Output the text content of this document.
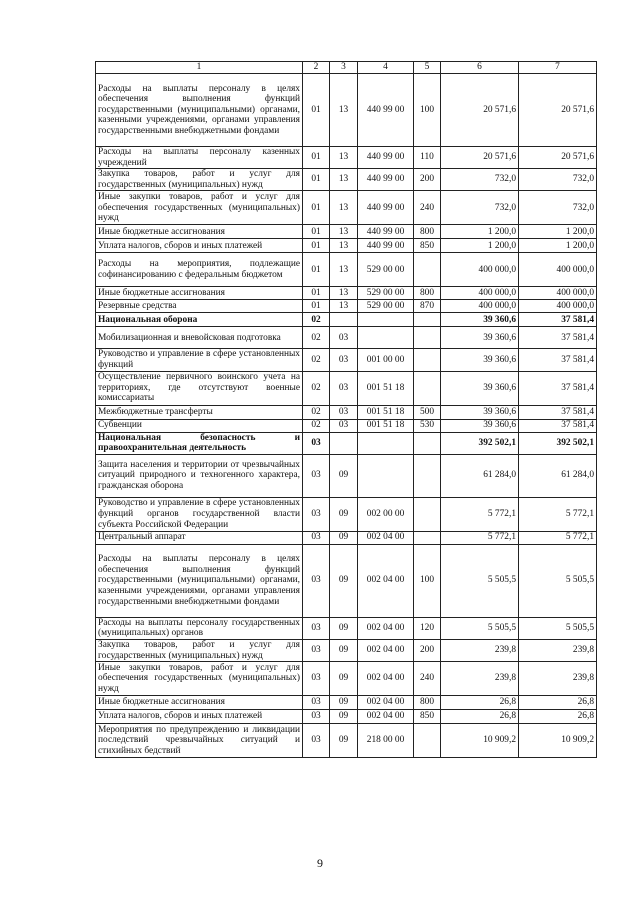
1	2	3	4	5	6	7
Расходы на выплаты персоналу в целях обеспечения выполнения функций государственными (муниципальными) органами, казенными учреждениями, органами управления государственными внебюджетными фондами	01	13	440 99 00	100	20 571,6	20 571,6
Расходы на выплаты персоналу казенных учреждений	01	13	440 99 00	110	20 571,6	20 571,6
Закупка товаров, работ и услуг для государственных (муниципальных) нужд	01	13	440 99 00	200	732,0	732,0
Иные закупки товаров, работ и услуг для обеспечения государственных (муниципальных) нужд	01	13	440 99 00	240	732,0	732,0
Иные бюджетные ассигнования	01	13	440 99 00	800	1 200,0	1 200,0
Уплата налогов, сборов и иных платежей	01	13	440 99 00	850	1 200,0	1 200,0
Расходы на мероприятия, подлежащие софинансированию с федеральным бюджетом	01	13	529 00 00		400 000,0	400 000,0
Иные бюджетные ассигнования	01	13	529 00 00	800	400 000,0	400 000,0
Резервные средства	01	13	529 00 00	870	400 000,0	400 000,0
Национальная оборона	02				39 360,6	37 581,4
Мобилизационная и вневойсковая подготовка	02	03			39 360,6	37 581,4
Руководство и управление в сфере установленных функций	02	03	001 00 00		39 360,6	37 581,4
Осуществление первичного воинского учета на территориях, где отсутствуют военные комиссариаты	02	03	001 51 18		39 360,6	37 581,4
Межбюджетные трансферты	02	03	001 51 18	500	39 360,6	37 581,4
Субвенции	02	03	001 51 18	530	39 360,6	37 581,4
Национальная безопасность и правоохранительная деятельность	03				392 502,1	392 502,1
Защита населения и территории от чрезвычайных ситуаций природного и техногенного характера, гражданская оборона	03	09			61 284,0	61 284,0
Руководство и управление в сфере установленных функций органов государственной власти субъекта Российской Федерации	03	09	002 00 00		5 772,1	5 772,1
Центральный аппарат	03	09	002 04 00		5 772,1	5 772,1
Расходы на выплаты персоналу в целях обеспечения выполнения функций государственными (муниципальными) органами, казенными учреждениями, органами управления государственными внебюджетными фондами	03	09	002 04 00	100	5 505,5	5 505,5
Расходы на выплаты персоналу государственных (муниципальных) органов	03	09	002 04 00	120	5 505,5	5 505,5
Закупка товаров, работ и услуг для государственных (муниципальных) нужд	03	09	002 04 00	200	239,8	239,8
Иные закупки товаров, работ и услуг для обеспечения государственных (муниципальных) нужд	03	09	002 04 00	240	239,8	239,8
Иные бюджетные ассигнования	03	09	002 04 00	800	26,8	26,8
Уплата налогов, сборов и иных платежей	03	09	002 04 00	850	26,8	26,8
Мероприятия по предупреждению и ликвидации последствий чрезвычайных ситуаций и стихийных бедствий	03	09	218 00 00		10 909,2	10 909,2
9
